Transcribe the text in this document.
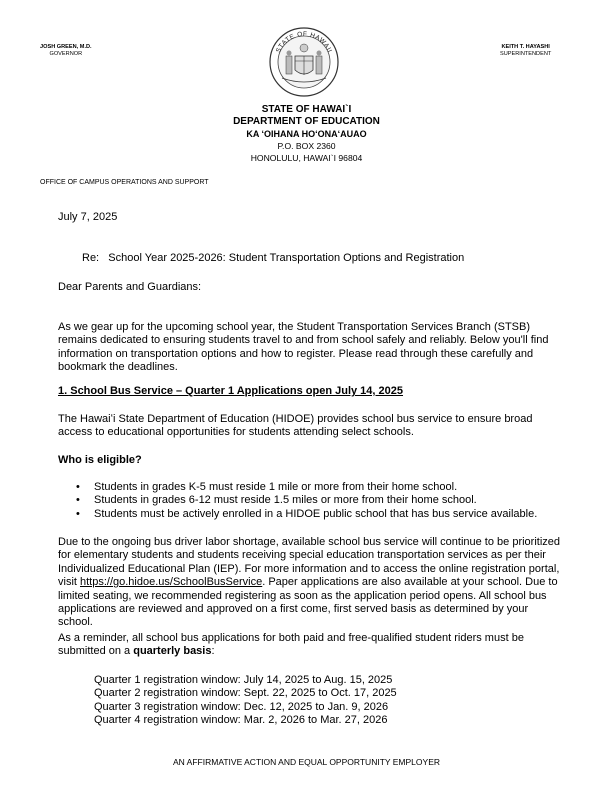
JOSH GREEN, M.D.
GOVERNOR
STATE OF HAWAII
KEITH T. HAYASHI
SUPERINTENDENT
STATE OF HAWAI`I
DEPARTMENT OF EDUCATION
KA ʻOIHANA HOʻONAʻAUAO
P.O. BOX 2360
HONOLULU, HAWAI`I 96804
OFFICE OF CAMPUS OPERATIONS AND SUPPORT
July 7, 2025
Re: School Year 2025-2026: Student Transportation Options and Registration
Dear Parents and Guardians:
As we gear up for the upcoming school year, the Student Transportation Services Branch (STSB) remains dedicated to ensuring students travel to and from school safely and reliably. Below you'll find information on transportation options and how to register. Please read through these carefully and bookmark the deadlines.
1. School Bus Service – Quarter 1 Applications open July 14, 2025
The Hawaiʻi State Department of Education (HIDOE) provides school bus service to ensure broad access to educational opportunities for students attending select schools.
Who is eligible?
• Students in grades K-5 must reside 1 mile or more from their home school.
• Students in grades 6-12 must reside 1.5 miles or more from their home school.
• Students must be actively enrolled in a HIDOE public school that has bus service available.
Due to the ongoing bus driver labor shortage, available school bus service will continue to be prioritized for elementary students and students receiving special education transportation services as per their Individualized Educational Plan (IEP). For more information and to access the online registration portal, visit https://go.hidoe.us/SchoolBusService. Paper applications are also available at your school. Due to limited seating, we recommended registering as soon as the application period opens. All school bus applications are reviewed and approved on a first come, first served basis as determined by your school.
As a reminder, all school bus applications for both paid and free-qualified student riders must be submitted on a quarterly basis:
Quarter 1 registration window: July 14, 2025 to Aug. 15, 2025
Quarter 2 registration window: Sept. 22, 2025 to Oct. 17, 2025
Quarter 3 registration window: Dec. 12, 2025 to Jan. 9, 2026
Quarter 4 registration window: Mar. 2, 2026 to Mar. 27, 2026
AN AFFIRMATIVE ACTION AND EQUAL OPPORTUNITY EMPLOYER
